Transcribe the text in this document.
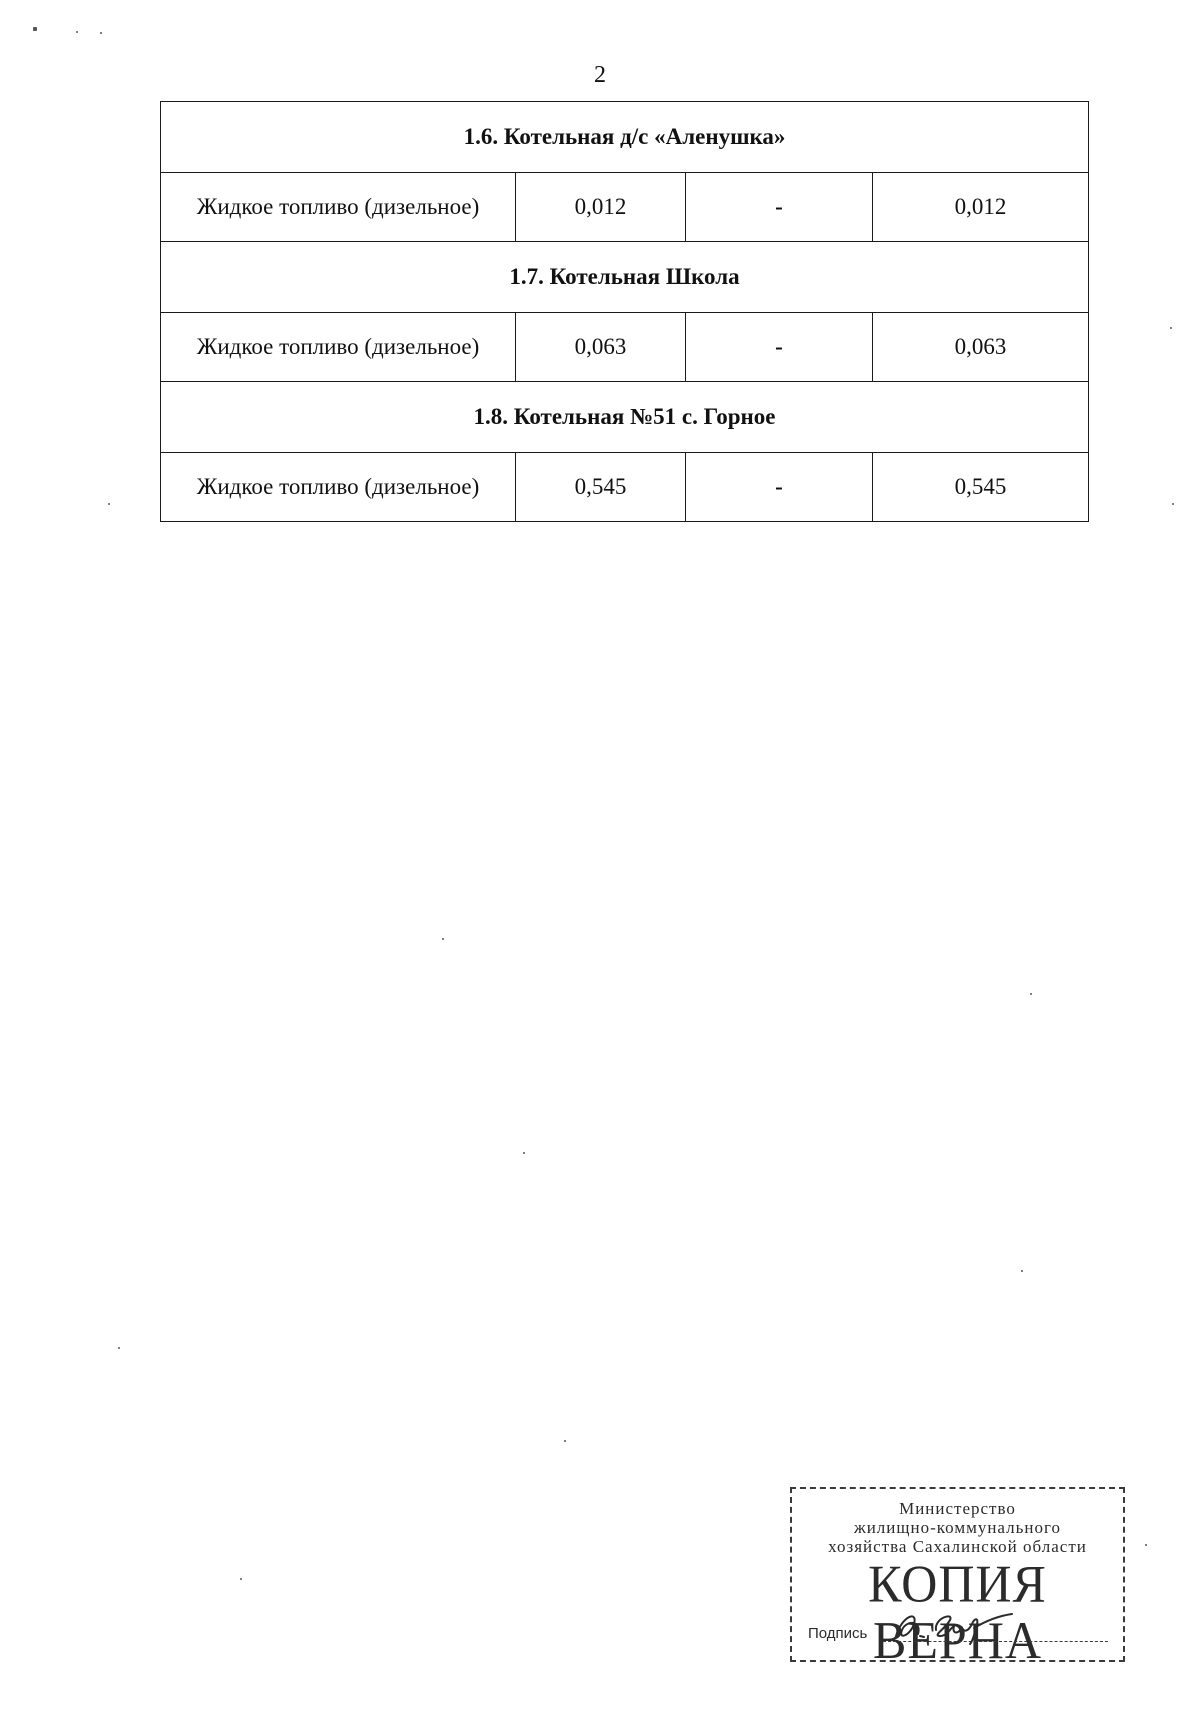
2
1.6. Котельная д/с «Аленушка»			
Жидкое топливо (дизельное)	0,012	-	0,012
1.7. Котельная Школа			
Жидкое топливо (дизельное)	0,063	-	0,063
1.8. Котельная №51 с. Горное			
Жидкое топливо (дизельное)	0,545	-	0,545
Министерство
жилищно-коммунального
хозяйства Сахалинской области
КОПИЯ ВЕРНА
Подпись
